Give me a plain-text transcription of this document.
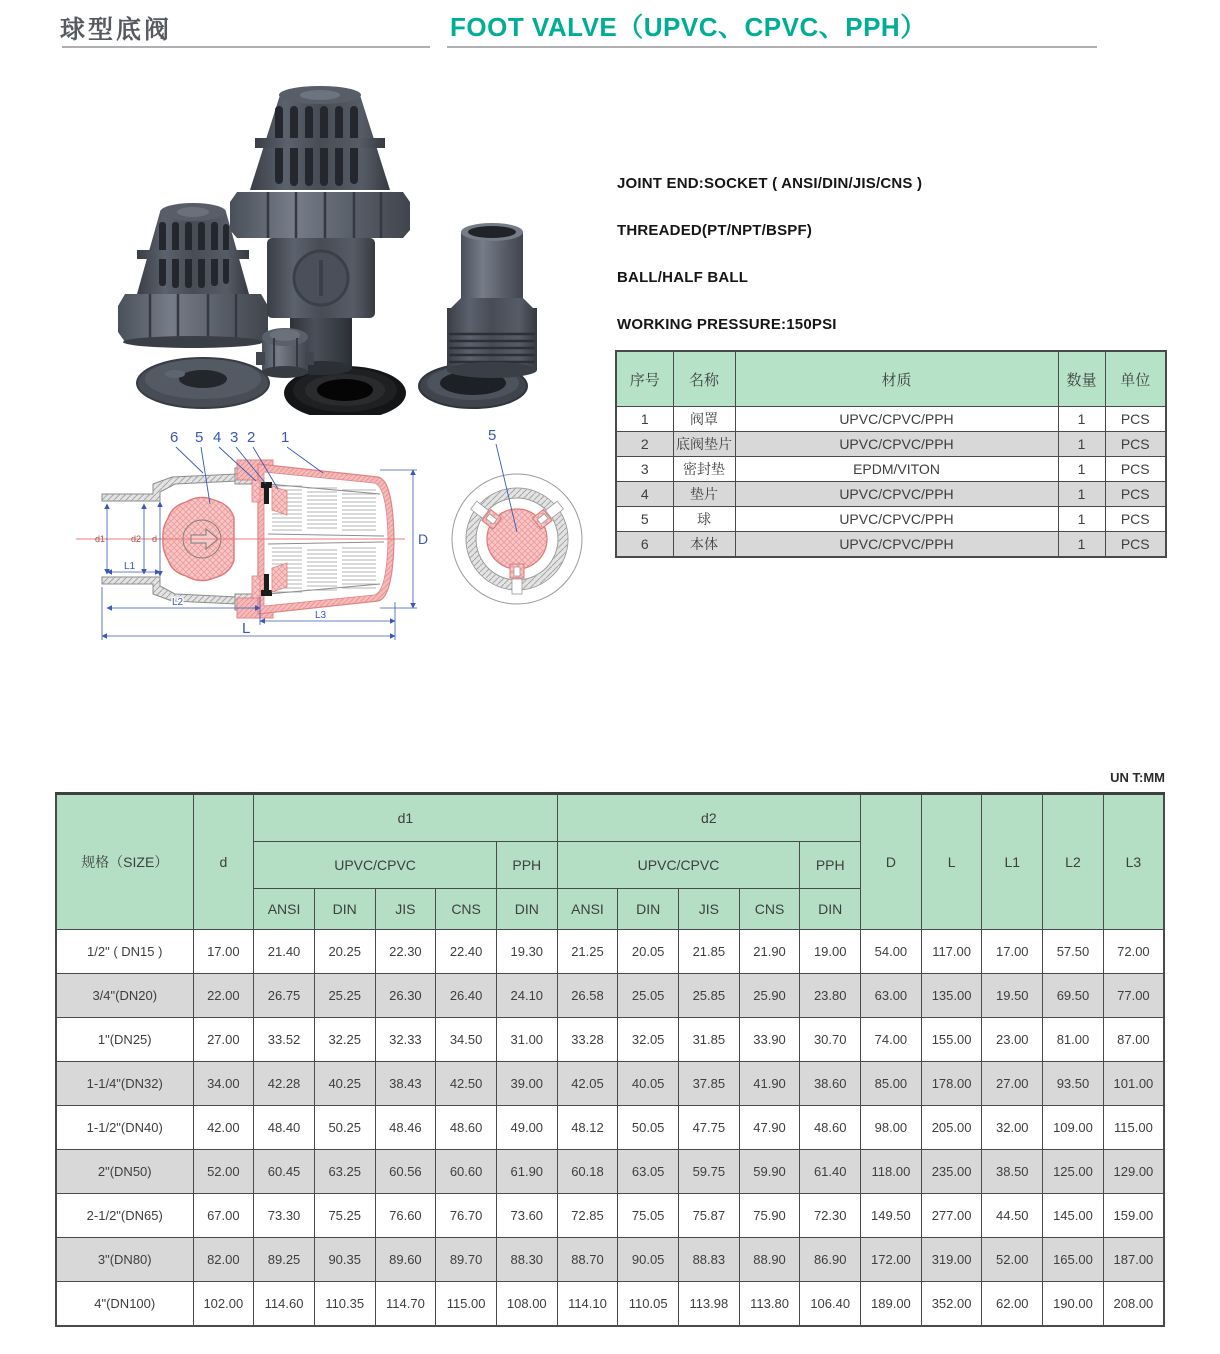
球型底阀	FOOT VALVE（UPVC、CPVC、PPH）
JOINT END:SOCKET ( ANSI/DIN/JIS/CNS )
THREADED(PT/NPT/BSPF)
BALL/HALF BALL
WORKING PRESSURE:150PSI
序号	名称	材质	数量	单位
1	阀罩	UPVC/CPVC/PPH	1	PCS
2	底阀垫片	UPVC/CPVC/PPH	1	PCS
3	密封垫	EPDM/VITON	1	PCS
4	垫片	UPVC/CPVC/PPH	1	PCS
5	球	UPVC/CPVC/PPH	1	PCS
6	本体	UPVC/CPVC/PPH	1	PCS
6 5 4 3 2 1
d1	d2 d
L1
L2
L3
L
D
5
UN T:MM
规格（SIZE）	d	d1					d2					D	L	L1	L2	L3
		UPVC/CPVC				PPH	UPVC/CPVC				PPH					
		ANSI	DIN	JIS	CNS	DIN	ANSI	DIN	JIS	CNS	DIN					
1/2" ( DN15 )	17.00	21.40	20.25	22.30	22.40	19.30	21.25	20.05	21.85	21.90	19.00	54.00	117.00	17.00	57.50	72.00
3/4"(DN20)	22.00	26.75	25.25	26.30	26.40	24.10	26.58	25.05	25.85	25.90	23.80	63.00	135.00	19.50	69.50	77.00
1"(DN25)	27.00	33.52	32.25	32.33	34.50	31.00	33.28	32.05	31.85	33.90	30.70	74.00	155.00	23.00	81.00	87.00
1-1/4"(DN32)	34.00	42.28	40.25	38.43	42.50	39.00	42.05	40.05	37.85	41.90	38.60	85.00	178.00	27.00	93.50	101.00
1-1/2"(DN40)	42.00	48.40	50.25	48.46	48.60	49.00	48.12	50.05	47.75	47.90	48.60	98.00	205.00	32.00	109.00	115.00
2"(DN50)	52.00	60.45	63.25	60.56	60.60	61.90	60.18	63.05	59.75	59.90	61.40	118.00	235.00	38.50	125.00	129.00
2-1/2"(DN65)	67.00	73.30	75.25	76.60	76.70	73.60	72.85	75.05	75.87	75.90	72.30	149.50	277.00	44.50	145.00	159.00
3"(DN80)	82.00	89.25	90.35	89.60	89.70	88.30	88.70	90.05	88.83	88.90	86.90	172.00	319.00	52.00	165.00	187.00
4"(DN100)	102.00	114.60	110.35	114.70	115.00	108.00	114.10	110.05	113.98	113.80	106.40	189.00	352.00	62.00	190.00	208.00
